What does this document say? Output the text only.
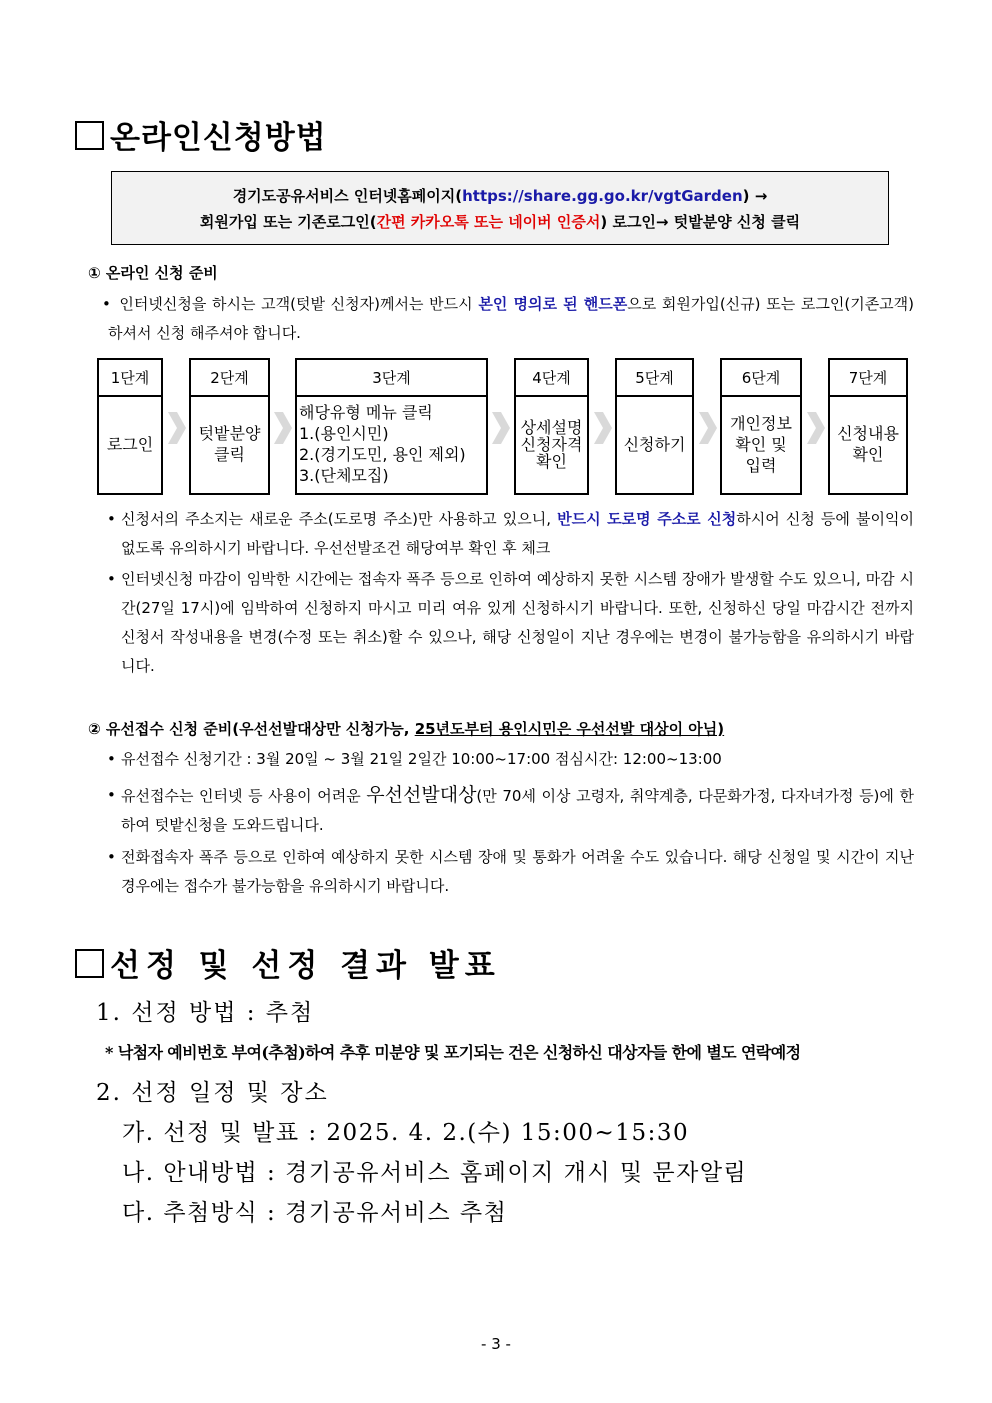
온라인신청방법
경기도공유서비스 인터넷홈페이지(https://share.gg.go.kr/vgtGarden) →
회원가입 또는 기존로그인(간편 카카오톡 또는 네이버 인증서) 로그인→ 텃밭분양 신청 클릭
① 온라인 신청 준비
• 인터넷신청을 하시는 고객(텃밭 신청자)께서는 반드시 본인 명의로 된 핸드폰으로 회원가입(신규) 또는 로그인(기존고객) 하셔서 신청 해주셔야 합니다.
1단계
로그인
2단계
텃밭분양
클릭
3단계
해당유형 메뉴 클릭
1.(용인시민)
2.(경기도민, 용인 제외)
3.(단체모집)
4단계
상세설명
신청자격
확인
5단계
신청하기
6단계
개인정보
확인 및
입력
7단계
신청내용
확인
• 신청서의 주소지는 새로운 주소(도로명 주소)만 사용하고 있으니, 반드시 도로명 주소로 신청하시어 신청 등에 불이익이 없도록 유의하시기 바랍니다. 우선선발조건 해당여부 확인 후 체크
• 인터넷신청 마감이 임박한 시간에는 접속자 폭주 등으로 인하여 예상하지 못한 시스템 장애가 발생할 수도 있으니, 마감 시간(27일 17시)에 임박하여 신청하지 마시고 미리 여유 있게 신청하시기 바랍니다. 또한, 신청하신 당일 마감시간 전까지 신청서 작성내용을 변경(수정 또는 취소)할 수 있으나, 해당 신청일이 지난 경우에는 변경이 불가능함을 유의하시기 바랍니다.
② 유선접수 신청 준비(우선선발대상만 신청가능, 25년도부터 용인시민은 우선선발 대상이 아님)
• 유선접수 신청기간 : 3월 20일 ~ 3월 21일 2일간 10:00~17:00 점심시간: 12:00~13:00
• 유선접수는 인터넷 등 사용이 어려운 우선선발대상(만 70세 이상 고령자, 취약계층, 다문화가정, 다자녀가정 등)에 한하여 텃밭신청을 도와드립니다.
• 전화접속자 폭주 등으로 인하여 예상하지 못한 시스템 장애 및 통화가 어려울 수도 있습니다. 해당 신청일 및 시간이 지난경우에는 접수가 불가능함을 유의하시기 바랍니다.
선정 및 선정 결과 발표
1. 선정 방법 : 추첨
* 낙첨자 예비번호 부여(추첨)하여 추후 미분양 및 포기되는 건은 신청하신 대상자들 한에 별도 연락예정
2. 선정 일정 및 장소
가. 선정 및 발표 : 2025. 4. 2.(수) 15:00~15:30
나. 안내방법 : 경기공유서비스 홈페이지 개시 및 문자알림
다. 추첨방식 : 경기공유서비스 추첨
- 3 -
